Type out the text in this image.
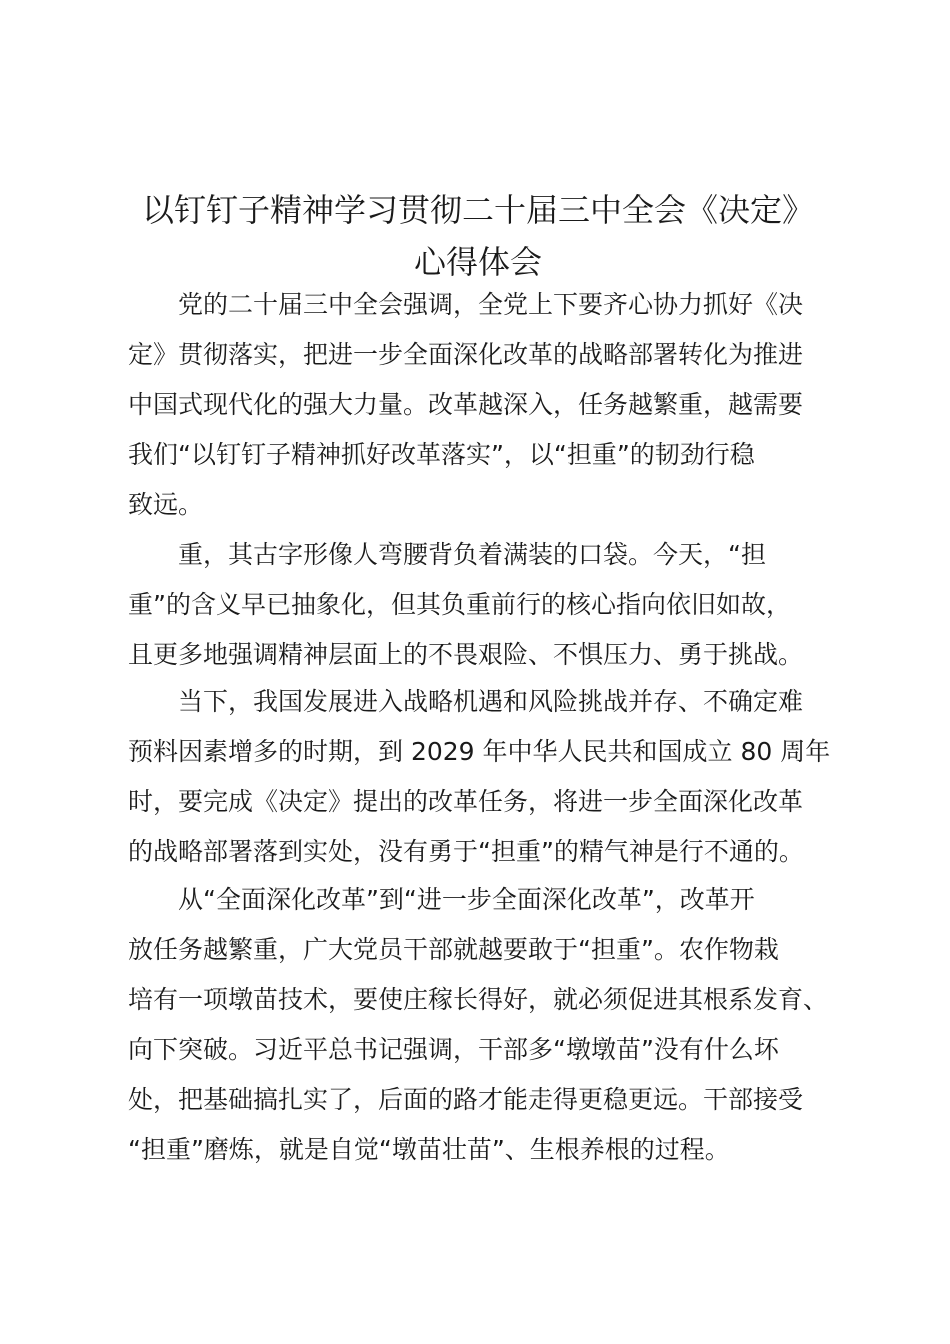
以钉钉子精神学习贯彻二十届三中全会《决定》心得体会

　　党的二十届三中全会强调，全党上下要齐心协力抓好《决

定》贯彻落实，把进一步全面深化改革的战略部署转化为推进

中国式现代化的强大力量。改革越深入，任务越繁重，越需要

我们“以钉钉子精神抓好改革落实”，以“担重”的韧劲行稳

致远。

　　重，其古字形像人弯腰背负着满装的口袋。今天，“担

重”的含义早已抽象化，但其负重前行的核心指向依旧如故，

且更多地强调精神层面上的不畏艰险、不惧压力、勇于挑战。

　　当下，我国发展进入战略机遇和风险挑战并存、不确定难

预料因素增多的时期，到 2029 年中华人民共和国成立 80 周年

时，要完成《决定》提出的改革任务，将进一步全面深化改革

的战略部署落到实处，没有勇于“担重”的精气神是行不通的。

　　从“全面深化改革”到“进一步全面深化改革”，改革开

放任务越繁重，广大党员干部就越要敢于“担重”。农作物栽

培有一项墩苗技术，要使庄稼长得好，就必须促进其根系发育、

向下突破。习近平总书记强调，干部多“墩墩苗”没有什么坏

处，把基础搞扎实了，后面的路才能走得更稳更远。干部接受

“担重”磨炼，就是自觉“墩苗壮苗”、生根养根的过程。
